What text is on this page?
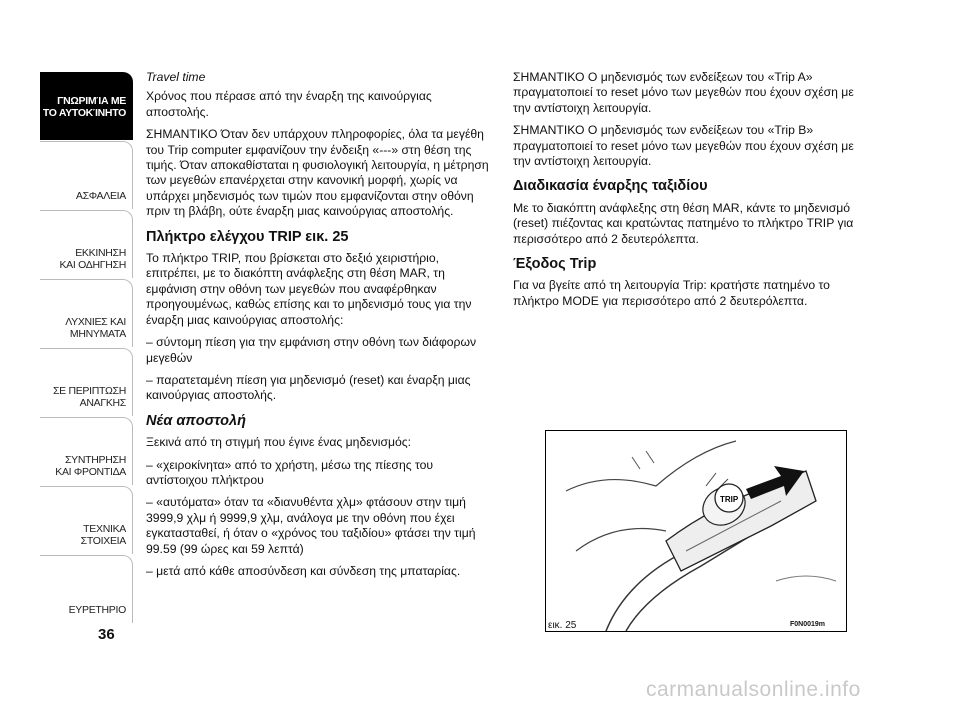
ΓΝΩΡΙΜΊΑ ΜΕ
ΤΟ ΑΥΤΟΚΊΝΗΤΟ
ΑΣΦΑΛΕΙΑ
ΕΚΚΙΝΗΣΗ
ΚΑΙ ΟΔΗΓΗΣΗ
ΛΥΧΝΙΕΣ ΚΑΙ
ΜΗΝΥΜΑΤΑ
ΣΕ ΠΕΡΙΠΤΩΣΗ
ΑΝΑΓΚΗΣ
ΣΥΝΤΗΡΗΣΗ
ΚΑΙ ΦΡΟΝΤΙΔΑ
ΤΕΧΝΙΚΑ
ΣΤΟΙΧΕΙΑ
ΕΥΡΕΤΗΡΙΟ
36

Travel time

Χρόνος που πέρασε από την έναρξη της καινούργιας αποστολής.

ΣΗΜΑΝΤΙΚΟ Όταν δεν υπάρχουν πληροφορίες, όλα τα μεγέθη του Trip computer εμφανίζουν την ένδειξη «---» στη θέση της τιμής. Όταν αποκαθίσταται η φυσιολογική λειτουργία, η μέτρηση των μεγεθών επανέρχεται στην κανονική μορφή, χωρίς να υπάρχει μηδενισμός των τιμών που εμφανίζονται στην οθόνη πριν τη βλάβη, ούτε έναρξη μιας καινούργιας αποστολής.

Πλήκτρο ελέγχου TRIP εικ. 25

Το πλήκτρο TRIP, που βρίσκεται στο δεξιό χειριστήριο, επιτρέπει, με το διακόπτη ανάφλεξης στη θέση MAR, τη εμφάνιση στην οθόνη των μεγεθών που αναφέρθηκαν προηγουμένως, καθώς επίσης και το μηδενισμό τους για την έναρξη μιας καινούργιας αποστολής:

– σύντομη πίεση για την εμφάνιση στην οθόνη των διάφορων μεγεθών

– παρατεταμένη πίεση για μηδενισμό (reset) και έναρξη μιας καινούργιας αποστολής.

Νέα αποστολή

Ξεκινά από τη στιγμή που έγινε ένας μηδενισμός:

– «χειροκίνητα» από το χρήστη, μέσω της πίεσης του αντίστοιχου πλήκτρου

– «αυτόματα» όταν τα «διανυθέντα χλμ» φτάσουν στην τιμή 3999,9 χλμ ή 9999,9 χλμ, ανάλογα με την οθόνη που έχει εγκατασταθεί, ή όταν ο «χρόνος του ταξιδίου» φτάσει την τιμή 99.59 (99 ώρες και 59 λεπτά)

– μετά από κάθε αποσύνδεση και σύνδεση της μπαταρίας.

ΣΗΜΑΝΤΙΚΟ Ο μηδενισμός των ενδείξεων του «Trip A» πραγματοποιεί το reset μόνο των μεγεθών που έχουν σχέση με την αντίστοιχη λειτουργία.

ΣΗΜΑΝΤΙΚΟ Ο μηδενισμός των ενδείξεων του «Trip B» πραγματοποιεί το reset μόνο των μεγεθών που έχουν σχέση με την αντίστοιχη λειτουργία.

Διαδικασία έναρξης ταξιδίου

Με το διακόπτη ανάφλεξης στη θέση MAR, κάντε το μηδενισμό (reset) πιέζοντας και κρατώντας πατημένο το πλήκτρο TRIP για περισσότερο από 2 δευτερόλεπτα.

Έξοδος Trip

Για να βγείτε από τη λειτουργία Trip: κρατήστε πατημένο το πλήκτρο MODE για περισσότερο από 2 δευτερόλεπτα.

TRIP
εικ. 25	F0N0019m
carmanualsonline.info
